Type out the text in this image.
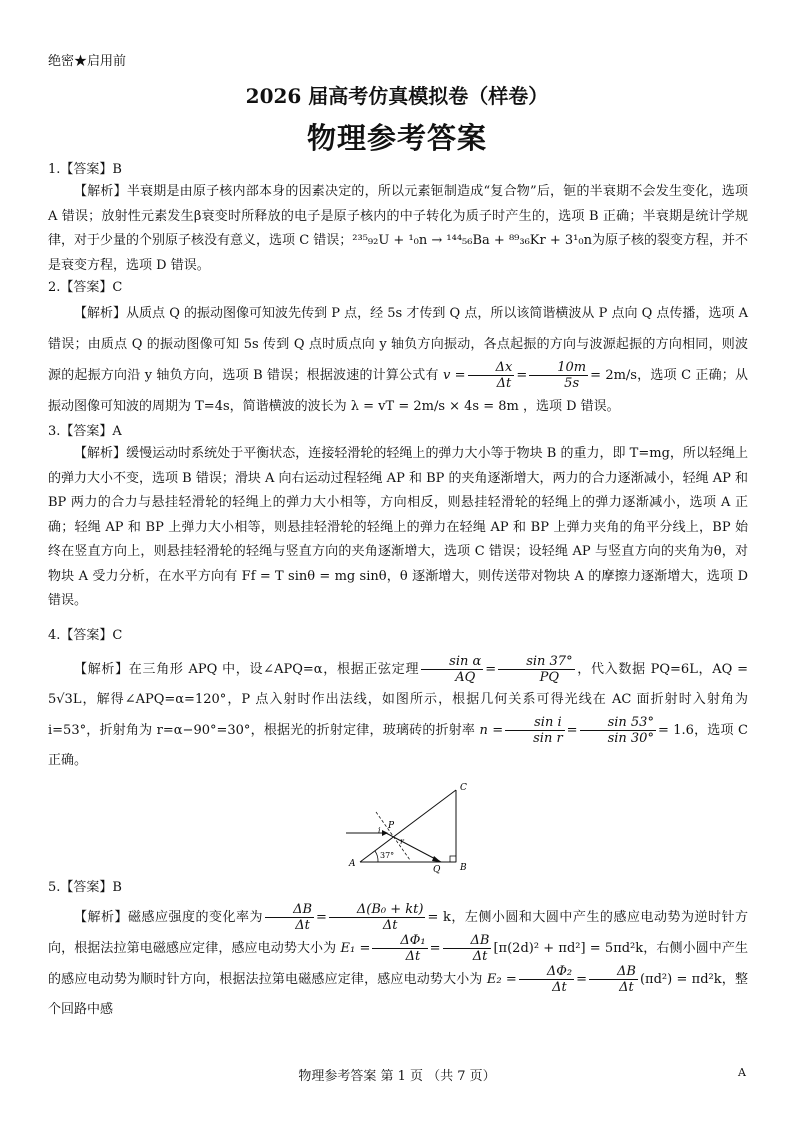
绝密★启用前
2026 届高考仿真模拟卷（样卷）
物理参考答案

1.【答案】B

【解析】半衰期是由原子核内部本身的因素决定的，所以元素钷制造成“复合物”后，钷的半衰期不会发生变化，选项 A 错误；放射性元素发生β衰变时所释放的电子是原子核内的中子转化为质子时产生的，选项 B 正确；半衰期是统计学规律，对于少量的个别原子核没有意义，选项 C 错误；²³⁵₉₂U + ¹₀n → ¹⁴⁴₅₆Ba + ⁸⁹₃₆Kr + 3¹₀n为原子核的裂变方程，并不是衰变方程，选项 D 错误。

2.【答案】C

【解析】从质点 Q 的振动图像可知波先传到 P 点，经 5s 才传到 Q 点，所以该简谐横波从 P 点向 Q 点传播，选项 A 错误；由质点 Q 的振动图像可知 5s 传到 Q 点时质点向 y 轴负方向振动，各点起振的方向与波源起振的方向相同，则波源的起振方向沿 y 轴负方向，选项 B 错误；根据波速的计算公式有 $v = \frac{\Delta x}{\Delta t} = \frac{10m}{5s} = 2m/s$，选项 C 正确；从振动图像可知波的周期为 T=4s，简谐横波的波长为 λ = vT = 2m/s × 4s = 8m ，选项 D 错误。

3.【答案】A

【解析】缓慢运动时系统处于平衡状态，连接轻滑轮的轻绳上的弹力大小等于物块 B 的重力，即 T=mg，所以轻绳上的弹力大小不变，选项 B 错误；滑块 A 向右运动过程轻绳 AP 和 BP 的夹角逐渐增大，两力的合力逐渐减小，轻绳 AP 和 BP 两力的合力与悬挂轻滑轮的轻绳上的弹力大小相等，方向相反，则悬挂轻滑轮的轻绳上的弹力逐渐减小，选项 A 正确；轻绳 AP 和 BP 上弹力大小相等，则悬挂轻滑轮的轻绳上的弹力在轻绳 AP 和 BP 上弹力夹角的角平分线上，BP 始终在竖直方向上，则悬挂轻滑轮的轻绳与竖直方向的夹角逐渐增大，选项 C 错误；设轻绳 AP 与竖直方向的夹角为θ，对物块 A 受力分析，在水平方向有 Ff = T sinθ = mg sinθ，θ 逐渐增大，则传送带对物块 A 的摩擦力逐渐增大，选项 D 错误。

4.【答案】C

【解析】在三角形 APQ 中，设∠APQ=α，根据正弦定理 $\frac{\text{sin α}}{AQ} = \frac{\sin 37^\circ}{PQ}$ ，代入数据 PQ=6L，AQ = 5√3L，解得∠APQ=α=120°，P 点入射时作出法线，如图所示，根据几何关系可得光线在 AC 面折射时入射角为 i=53°，折射角为 r=α−90°=30°，根据光的折射定律，玻璃砖的折射率 $n = \frac{\text{sin i}}{\text{sin r}} = \frac{\sin 53^\circ}{\sin 30^\circ} = 1.6$，选项 C 正确。

C
P
i
r
A	B
Q
37°

5.【答案】B

【解析】磁感应强度的变化率为 $\frac{\Delta B}{\Delta t} = \frac{\text{Δ(B₀ + kt)}}{\Delta t} = k$，左侧小圆和大圆中产生的感应电动势为逆时针方向，根据法拉第电磁感应定律，感应电动势大小为 $E_1 = \frac{\text{ΔΦ₁}}{\Delta t} = \frac{\Delta B}{\Delta t} [\pi(2d)^2 + \pi d^2] = 5\pi d^2k$，右侧小圆中产生的感应电动势为顺时针方向，根据法拉第电磁感应定律，感应电动势大小为 $E_2 = \frac{\text{ΔΦ₂}}{\Delta t} = \frac{\Delta B}{\Delta t} (\pi d^2) = \pi d^2k$，整个回路中感

物理参考答案 第 1 页 （共 7 页）	A
